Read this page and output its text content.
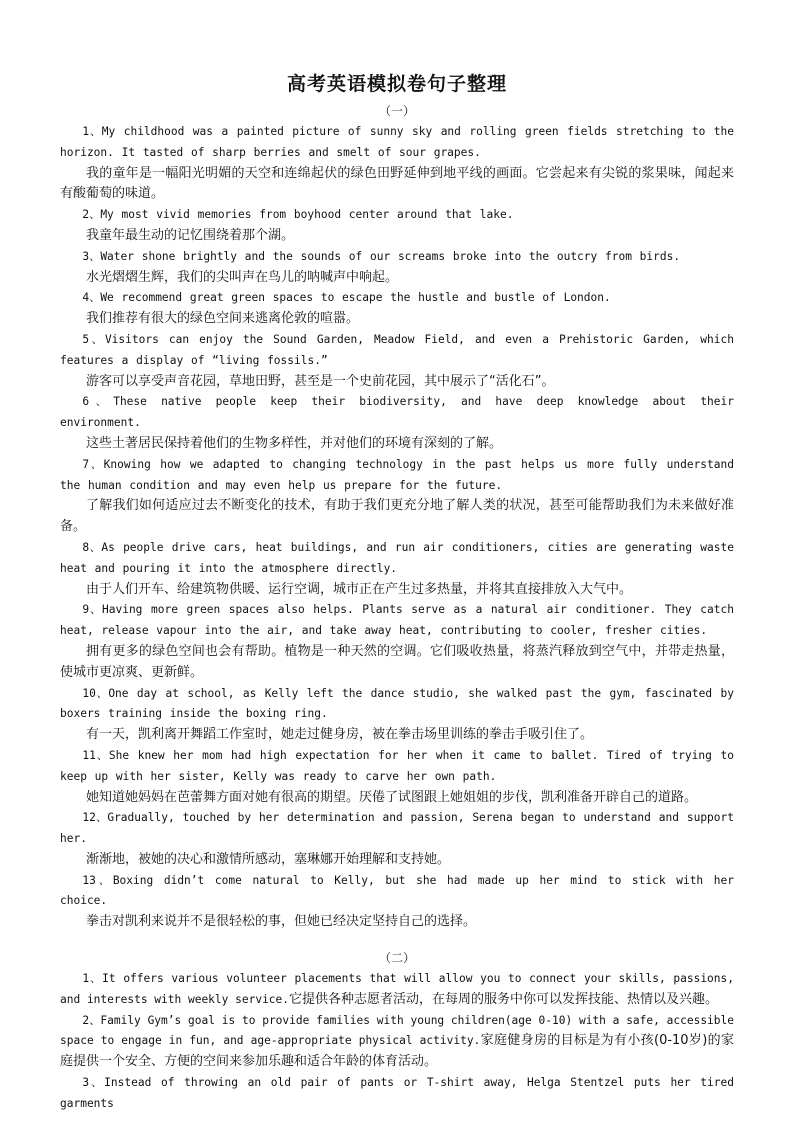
高考英语模拟卷句子整理
（一）

1、My childhood was a painted picture of sunny sky and rolling green fields stretching to the horizon. It tasted of sharp berries and smelt of sour grapes.

我的童年是一幅阳光明媚的天空和连绵起伏的绿色田野延伸到地平线的画面。它尝起来有尖锐的浆果味，闻起来有酸葡萄的味道。

2、My most vivid memories from boyhood center around that lake.

我童年最生动的记忆围绕着那个湖。

3、Water shone brightly and the sounds of our screams broke into the outcry from birds.

水光熠熠生辉，我们的尖叫声在鸟儿的呐喊声中响起。

4、We recommend great green spaces to escape the hustle and bustle of London.

我们推荐有很大的绿色空间来逃离伦敦的喧嚣。

5、Visitors can enjoy the Sound Garden, Meadow Field, and even a Prehistoric Garden, which features a display of “living fossils.”

游客可以享受声音花园，草地田野，甚至是一个史前花园，其中展示了“活化石”。

6、These native people keep their biodiversity, and have deep knowledge about their environment.

这些土著居民保持着他们的生物多样性，并对他们的环境有深刻的了解。

7、Knowing how we adapted to changing technology in the past helps us more fully understand the human condition and may even help us prepare for the future.

了解我们如何适应过去不断变化的技术，有助于我们更充分地了解人类的状况，甚至可能帮助我们为未来做好准备。

8、As people drive cars, heat buildings, and run air conditioners, cities are generating waste heat and pouring it into the atmosphere directly.

由于人们开车、给建筑物供暖、运行空调，城市正在产生过多热量，并将其直接排放入大气中。

9、Having more green spaces also helps. Plants serve as a natural air conditioner. They catch heat, release vapour into the air, and take away heat, contributing to cooler, fresher cities.

拥有更多的绿色空间也会有帮助。植物是一种天然的空调。它们吸收热量，将蒸汽释放到空气中，并带走热量，使城市更凉爽、更新鲜。

10、One day at school, as Kelly left the dance studio, she walked past the gym, fascinated by boxers training inside the boxing ring.

有一天，凯利离开舞蹈工作室时，她走过健身房，被在拳击场里训练的拳击手吸引住了。

11、She knew her mom had high expectation for her when it came to ballet. Tired of trying to keep up with her sister, Kelly was ready to carve her own path.

她知道她妈妈在芭蕾舞方面对她有很高的期望。厌倦了试图跟上她姐姐的步伐，凯利准备开辟自己的道路。

12、Gradually, touched by her determination and passion, Serena began to understand and support her.

渐渐地，被她的决心和激情所感动，塞琳娜开始理解和支持她。

13、Boxing didn’t come natural to Kelly, but she had made up her mind to stick with her choice.

拳击对凯利来说并不是很轻松的事，但她已经决定坚持自己的选择。

（二）

1、It offers various volunteer placements that will allow you to connect your skills, passions, and interests with weekly service.它提供各种志愿者活动，在每周的服务中你可以发挥技能、热情以及兴趣。

2、Family Gym’s goal is to provide families with young children(age 0-10) with a safe, accessible space to engage in fun, and age-appropriate physical activity.家庭健身房的目标是为有小孩(0-10岁)的家庭提供一个安全、方便的空间来参加乐趣和适合年龄的体育活动。

3、Instead of throwing an old pair of pants or T-shirt away, Helga Stentzel puts her tired garments
